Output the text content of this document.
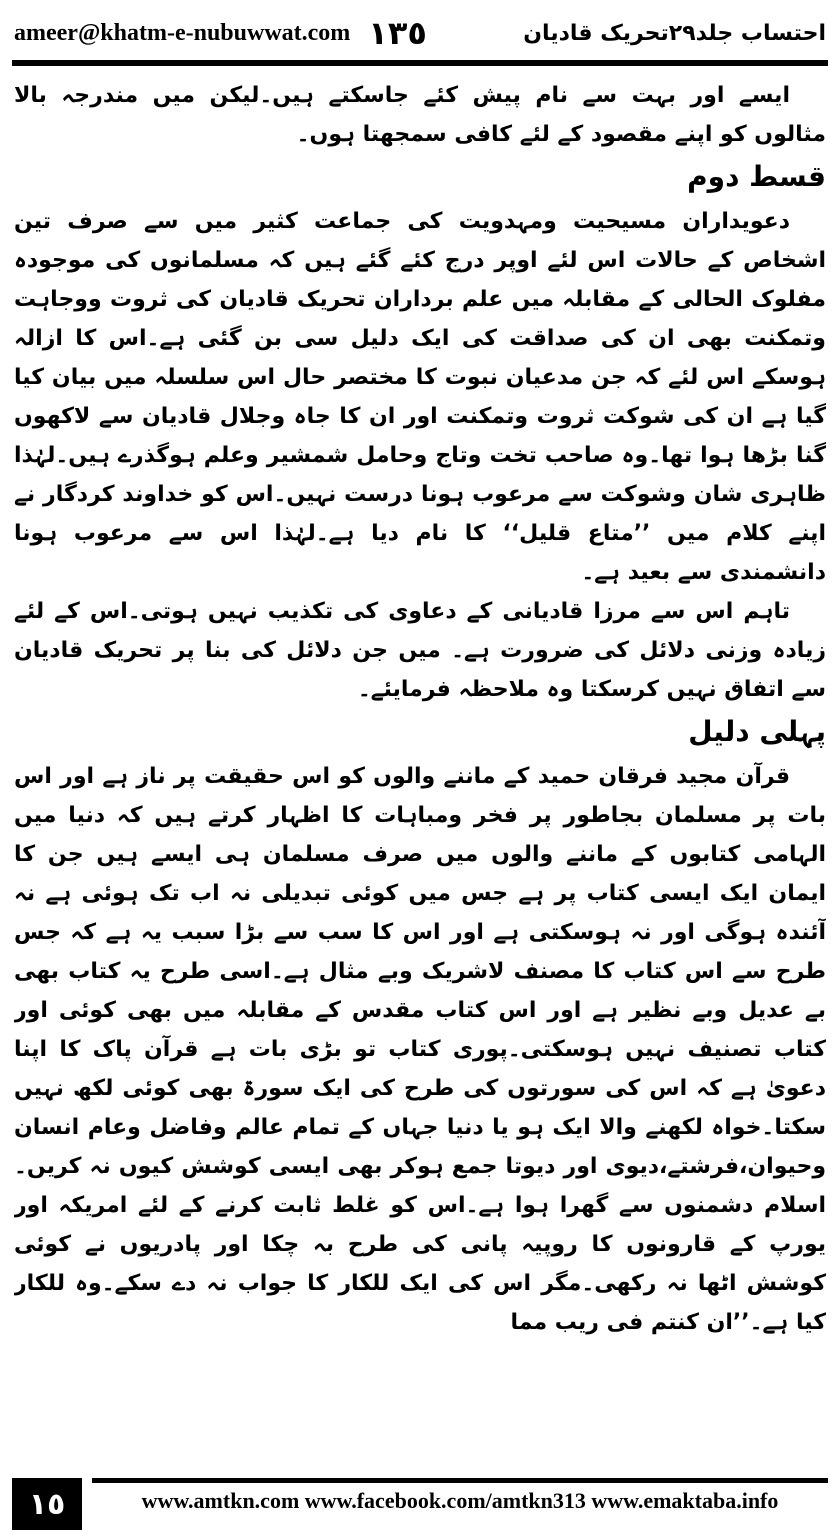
ameer@khatm-e-nubuwwat.com ١٣٥	احتساب جلد۲۹تحریک قادیان

ایسے اور بہت سے نام پیش کئے جاسکتے ہیں۔لیکن میں مندرجہ بالا مثالوں کو اپنے مقصود کے لئے کافی سمجھتا ہوں۔

قسط دوم

دعویداران مسیحیت ومہدویت کی جماعت کثیر میں سے صرف تین اشخاص کے حالات اس لئے اوپر درج کئے گئے ہیں کہ مسلمانوں کی موجودہ مفلوک الحالی کے مقابلہ میں علم برداران تحریک قادیان کی ثروت ووجاہت وتمکنت بھی ان کی صداقت کی ایک دلیل سی بن گئی ہے۔اس کا ازالہ ہوسکے اس لئے کہ جن مدعیان نبوت کا مختصر حال اس سلسلہ میں بیان کیا گیا ہے ان کی شوکت ثروت وتمکنت اور ان کا جاہ وجلال قادیان سے لاکھوں گنا بڑھا ہوا تھا۔وہ صاحب تخت وتاج وحامل شمشیر وعلم ہوگذرے ہیں۔لہٰذا ظاہری شان وشوکت سے مرعوب ہونا درست نہیں۔اس کو خداوند کردگار نے اپنے کلام میں ’’متاع قلیل‘‘ کا نام دیا ہے۔لہٰذا اس سے مرعوب ہونا دانشمندی سے بعید ہے۔

تاہم اس سے مرزا قادیانی کے دعاوی کی تکذیب نہیں ہوتی۔اس کے لئے زیادہ وزنی دلائل کی ضرورت ہے۔ میں جن دلائل کی بنا پر تحریک قادیان سے اتفاق نہیں کرسکتا وہ ملاحظہ فرمایئے۔

پہلی دلیل

قرآن مجید فرقان حمید کے ماننے والوں کو اس حقیقت پر ناز ہے اور اس بات پر مسلمان بجاطور پر فخر ومباہات کا اظہار کرتے ہیں کہ دنیا میں الہامی کتابوں کے ماننے والوں میں صرف مسلمان ہی ایسے ہیں جن کا ایمان ایک ایسی کتاب پر ہے جس میں کوئی تبدیلی نہ اب تک ہوئی ہے نہ آئندہ ہوگی اور نہ ہوسکتی ہے اور اس کا سب سے بڑا سبب یہ ہے کہ جس طرح سے اس کتاب کا مصنف لاشریک وبے مثال ہے۔اسی طرح یہ کتاب بھی بے عدیل وبے نظیر ہے اور اس کتاب مقدس کے مقابلہ میں بھی کوئی اور کتاب تصنیف نہیں ہوسکتی۔پوری کتاب تو بڑی بات ہے قرآن پاک کا اپنا دعویٰ ہے کہ اس کی سورتوں کی طرح کی ایک سورۃ بھی کوئی لکھ نہیں سکتا۔خواہ لکھنے والا ایک ہو یا دنیا جہاں کے تمام عالم وفاضل وعام انسان وحیوان،فرشتے،دیوی اور دیوتا جمع ہوکر بھی ایسی کوشش کیوں نہ کریں۔ اسلام دشمنوں سے گھرا ہوا ہے۔اس کو غلط ثابت کرنے کے لئے امریکہ اور یورپ کے قارونوں کا روپیہ پانی کی طرح بہ چکا اور پادریوں نے کوئی کوشش اٹھا نہ رکھی۔مگر اس کی ایک للکار کا جواب نہ دے سکے۔وہ للکار کیا ہے۔’’ان کنتم فی ریب مما

١٥	www.amtkn.com www.facebook.com/amtkn313 www.emaktaba.info
